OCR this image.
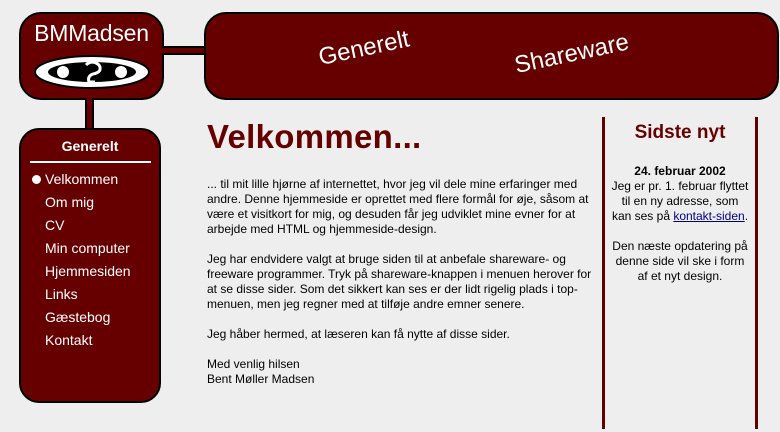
BMMadsen	Generelt	Shareware
Generelt
Velkommen
Om mig
CV
Min computer
Hjemmesiden
Links
Gæstebog
Kontakt
Velkommen...

... til mit lille hjørne af internettet, hvor jeg vil dele mine erfaringer med andre. Denne hjemmeside er oprettet med flere formål for øje, såsom at være et visitkort for mig, og desuden får jeg udviklet mine evner for at arbejde med HTML og hjemmeside-design.

Jeg har endvidere valgt at bruge siden til at anbefale shareware- og freeware programmer. Tryk på shareware-knappen i menuen herover for at se disse sider. Som det sikkert kan ses er der lidt rigelig plads i top-menuen, men jeg regner med at tilføje andre emner senere.

Jeg håber hermed, at læseren kan få nytte af disse sider.

Med venlig hilsen
Bent Møller Madsen

Sidste nyt
24. februar 2002

Jeg er pr. 1. februar flyttet til en ny adresse, som kan ses på kontakt-siden.

Den næste opdatering på denne side vil ske i form af et nyt design.
